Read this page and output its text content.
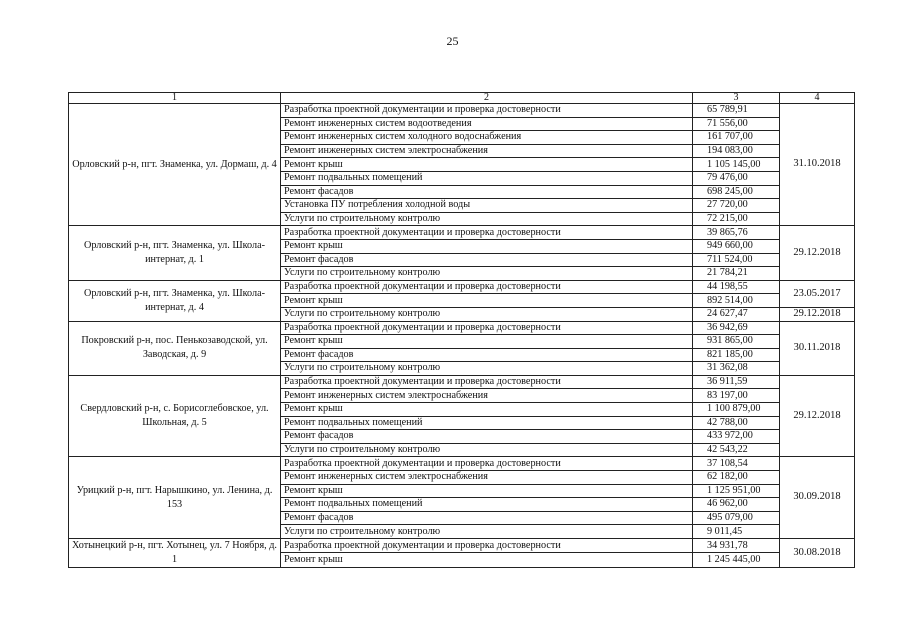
25
1	2	3	4
Орловский р-н, пгт. Знаменка, ул. Дормаш, д. 4	Разработка проектной документации и проверка достоверности	65 789,91	31.10.2018
	Ремонт инженерных систем водоотведения	71 556,00	
	Ремонт инженерных систем холодного водоснабжения	161 707,00	
	Ремонт инженерных систем электроснабжения	194 083,00	
	Ремонт крыш	1 105 145,00	
	Ремонт подвальных помещений	79 476,00	
	Ремонт фасадов	698 245,00	
	Установка ПУ потребления холодной воды	27 720,00	
	Услуги по строительному контролю	72 215,00	
Орловский р-н, пгт. Знаменка, ул. Школа-интернат, д. 1	Разработка проектной документации и проверка достоверности	39 865,76	29.12.2018
	Ремонт крыш	949 660,00	
	Ремонт фасадов	711 524,00	
	Услуги по строительному контролю	21 784,21	
Орловский р-н, пгт. Знаменка, ул. Школа-интернат, д. 4	Разработка проектной документации и проверка достоверности	44 198,55	23.05.2017
	Ремонт крыш	892 514,00	
	Услуги по строительному контролю	24 627,47	29.12.2018
Покровский р-н, пос. Пенькозаводской, ул. Заводская, д. 9	Разработка проектной документации и проверка достоверности	36 942,69	30.11.2018
	Ремонт крыш	931 865,00	
	Ремонт фасадов	821 185,00	
	Услуги по строительному контролю	31 362,08	
Свердловский р-н, с. Борисоглебовское, ул. Школьная, д. 5	Разработка проектной документации и проверка достоверности	36 911,59	29.12.2018
	Ремонт инженерных систем электроснабжения	83 197,00	
	Ремонт крыш	1 100 879,00	
	Ремонт подвальных помещений	42 788,00	
	Ремонт фасадов	433 972,00	
	Услуги по строительному контролю	42 543,22	
Урицкий р-н, пгт. Нарышкино, ул. Ленина, д. 153	Разработка проектной документации и проверка достоверности	37 108,54	30.09.2018
	Ремонт инженерных систем электроснабжения	62 182,00	
	Ремонт крыш	1 125 951,00	
	Ремонт подвальных помещений	46 962,00	
	Ремонт фасадов	495 079,00	
	Услуги по строительному контролю	9 011,45	
Хотынецкий р-н, пгт. Хотынец, ул. 7 Ноября, д. 1	Разработка проектной документации и проверка достоверности	34 931,78	30.08.2018
	Ремонт крыш	1 245 445,00	
